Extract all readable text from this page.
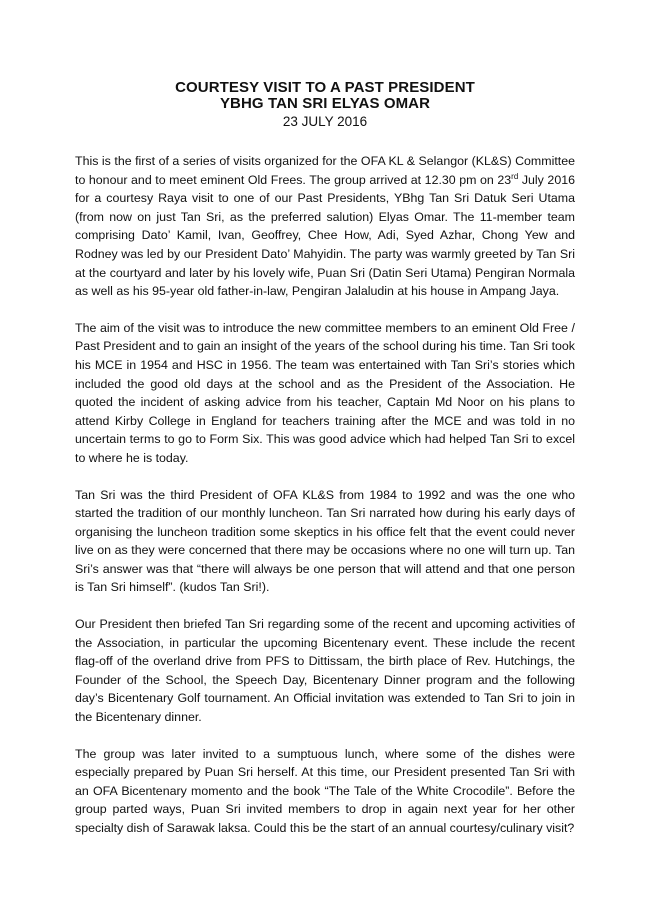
COURTESY VISIT TO A PAST PRESIDENT
YBHG TAN SRI ELYAS OMAR
23 JULY 2016

This is the first of a series of visits organized for the OFA KL & Selangor (KL&S) Committee to honour and to meet eminent Old Frees. The group arrived at 12.30 pm on 23rd July 2016 for a courtesy Raya visit to one of our Past Presidents, YBhg Tan Sri Datuk Seri Utama (from now on just Tan Sri, as the preferred salution) Elyas Omar. The 11-member team comprising Dato’ Kamil, Ivan, Geoffrey, Chee How, Adi, Syed Azhar, Chong Yew and Rodney was led by our President Dato’ Mahyidin. The party was warmly greeted by Tan Sri at the courtyard and later by his lovely wife, Puan Sri (Datin Seri Utama) Pengiran Normala as well as his 95-year old father-in-law, Pengiran Jalaludin at his house in Ampang Jaya.

The aim of the visit was to introduce the new committee members to an eminent Old Free / Past President and to gain an insight of the years of the school during his time. Tan Sri took his MCE in 1954 and HSC in 1956. The team was entertained with Tan Sri’s stories which included the good old days at the school and as the President of the Association. He quoted the incident of asking advice from his teacher, Captain Md Noor on his plans to attend Kirby College in England for teachers training after the MCE and was told in no uncertain terms to go to Form Six. This was good advice which had helped Tan Sri to excel to where he is today.

Tan Sri was the third President of OFA KL&S from 1984 to 1992 and was the one who started the tradition of our monthly luncheon. Tan Sri narrated how during his early days of organising the luncheon tradition some skeptics in his office felt that the event could never live on as they were concerned that there may be occasions where no one will turn up. Tan Sri’s answer was that “there will always be one person that will attend and that one person is Tan Sri himself”. (kudos Tan Sri!).

Our President then briefed Tan Sri regarding some of the recent and upcoming activities of the Association, in particular the upcoming Bicentenary event. These include the recent flag-off of the overland drive from PFS to Dittissam, the birth place of Rev. Hutchings, the Founder of the School, the Speech Day, Bicentenary Dinner program and the following day’s Bicentenary Golf tournament. An Official invitation was extended to Tan Sri to join in the Bicentenary dinner.

The group was later invited to a sumptuous lunch, where some of the dishes were especially prepared by Puan Sri herself. At this time, our President presented Tan Sri with an OFA Bicentenary momento and the book “The Tale of the White Crocodile”. Before the group parted ways, Puan Sri invited members to drop in again next year for her other specialty dish of Sarawak laksa. Could this be the start of an annual courtesy/culinary visit?
